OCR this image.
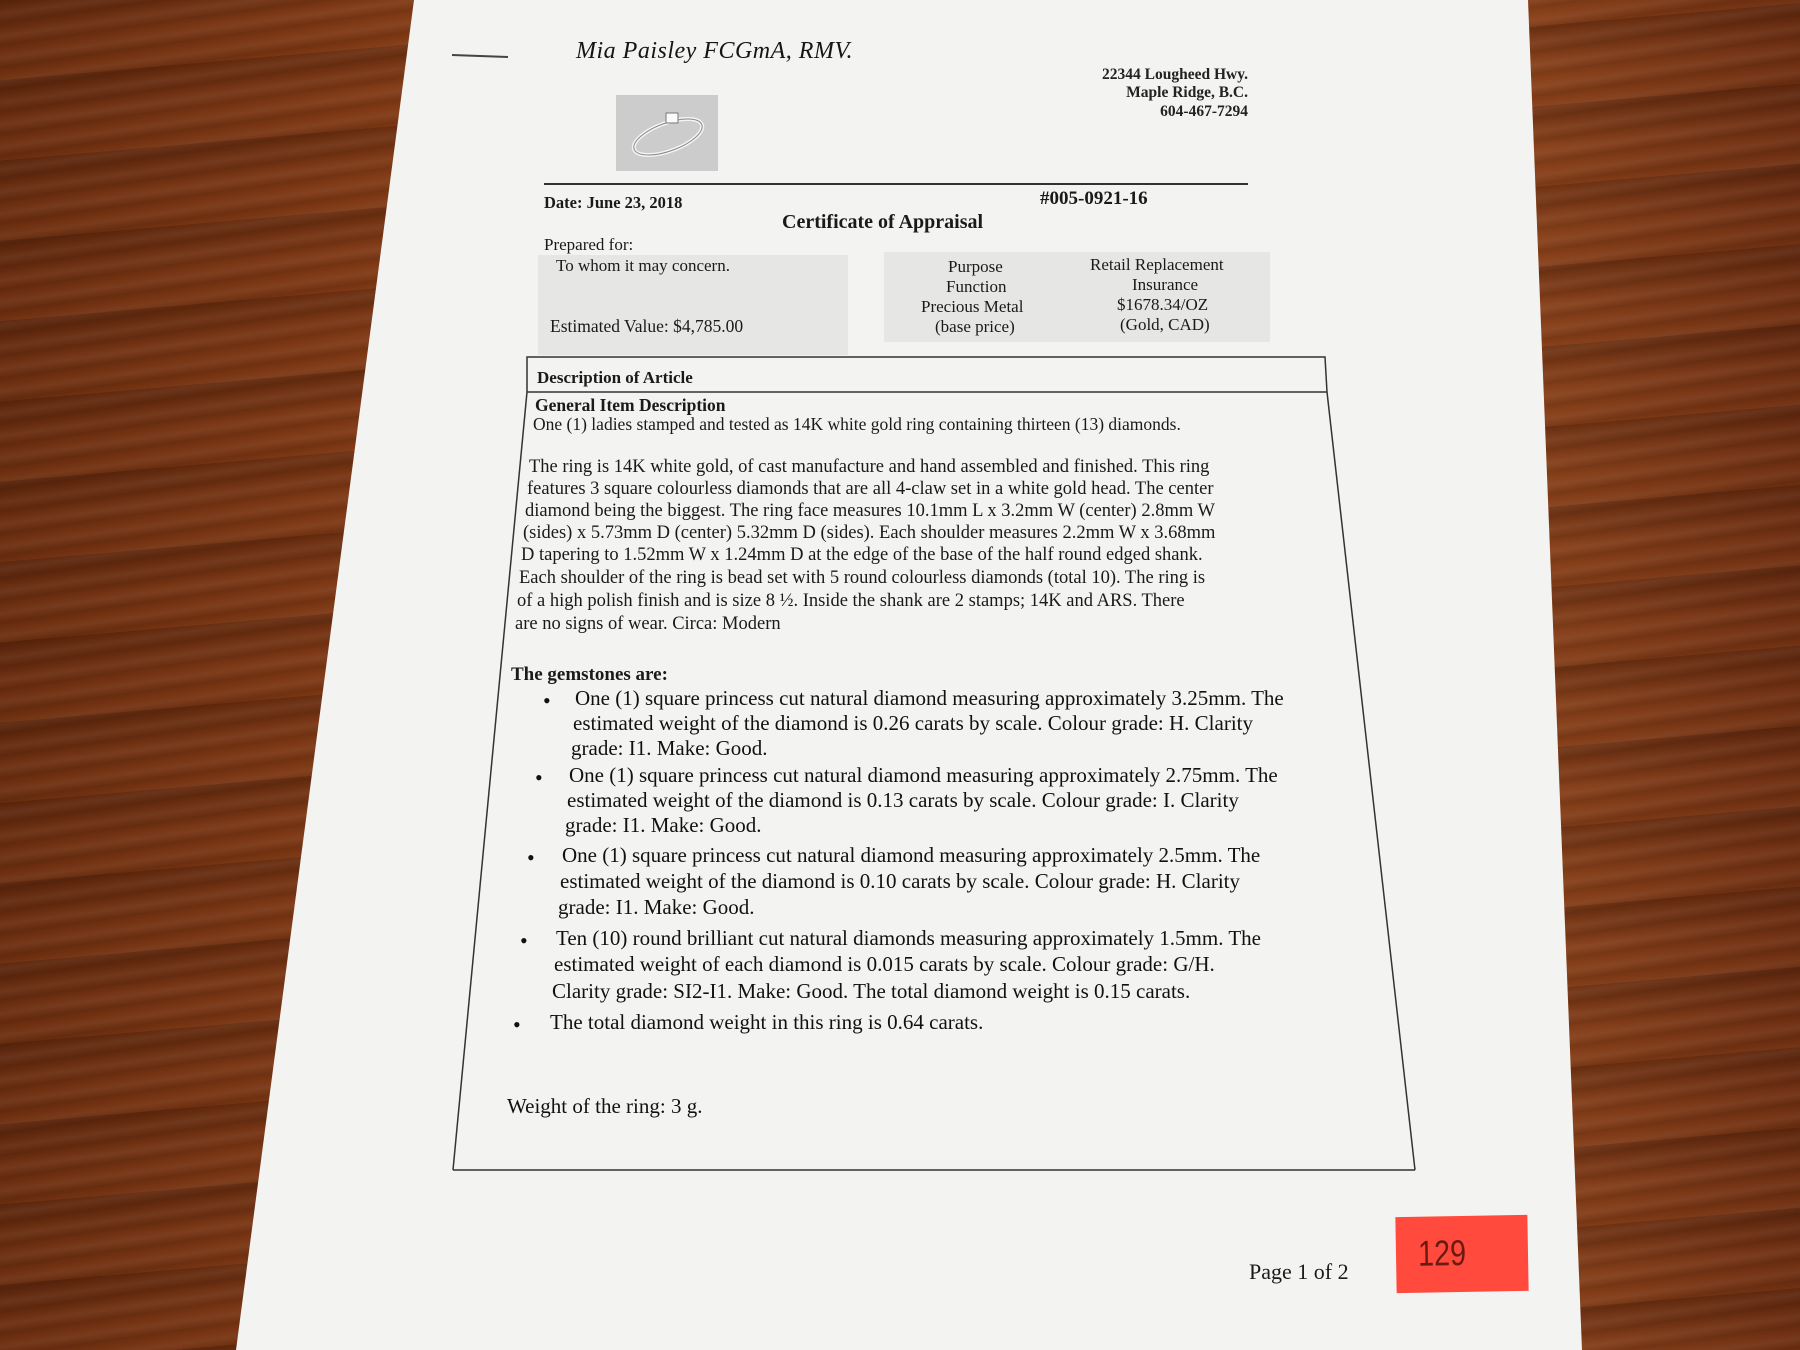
Mia Paisley FCGmA, RMV.
22344 Lougheed Hwy.
Maple Ridge, B.C.
604-467-7294
Date: June 23, 2018	#005-0921-16
Certificate of Appraisal
Prepared for:
To whom it may concern.
Estimated Value: $4,785.00
Purpose
Function
Precious Metal
(base price)
Retail Replacement
Insurance
$1678.34/OZ
(Gold, CAD)
Description of Article
General Item Description
One (1) ladies stamped and tested as 14K white gold ring containing thirteen (13) diamonds.
The ring is 14K white gold, of cast manufacture and hand assembled and finished. This ring
features 3 square colourless diamonds that are all 4-claw set in a white gold head. The center
diamond being the biggest. The ring face measures 10.1mm L x 3.2mm W (center) 2.8mm W
(sides) x 5.73mm D (center) 5.32mm D (sides). Each shoulder measures 2.2mm W x 3.68mm
D tapering to 1.52mm W x 1.24mm D at the edge of the base of the half round edged shank.
Each shoulder of the ring is bead set with 5 round colourless diamonds (total 10). The ring is
of a high polish finish and is size 8 ½. Inside the shank are 2 stamps; 14K and ARS. There
are no signs of wear. Circa: Modern
The gemstones are:
• One (1) square princess cut natural diamond measuring approximately 3.25mm. The
estimated weight of the diamond is 0.26 carats by scale. Colour grade: H. Clarity
grade: I1. Make: Good.
• One (1) square princess cut natural diamond measuring approximately 2.75mm. The
estimated weight of the diamond is 0.13 carats by scale. Colour grade: I. Clarity
grade: I1. Make: Good.
• One (1) square princess cut natural diamond measuring approximately 2.5mm. The
estimated weight of the diamond is 0.10 carats by scale. Colour grade: H. Clarity
grade: I1. Make: Good.
• Ten (10) round brilliant cut natural diamonds measuring approximately 1.5mm. The
estimated weight of each diamond is 0.015 carats by scale. Colour grade: G/H.
Clarity grade: SI2-I1. Make: Good. The total diamond weight is 0.15 carats.
• The total diamond weight in this ring is 0.64 carats.
Weight of the ring: 3 g.
Page 1 of 2 129
